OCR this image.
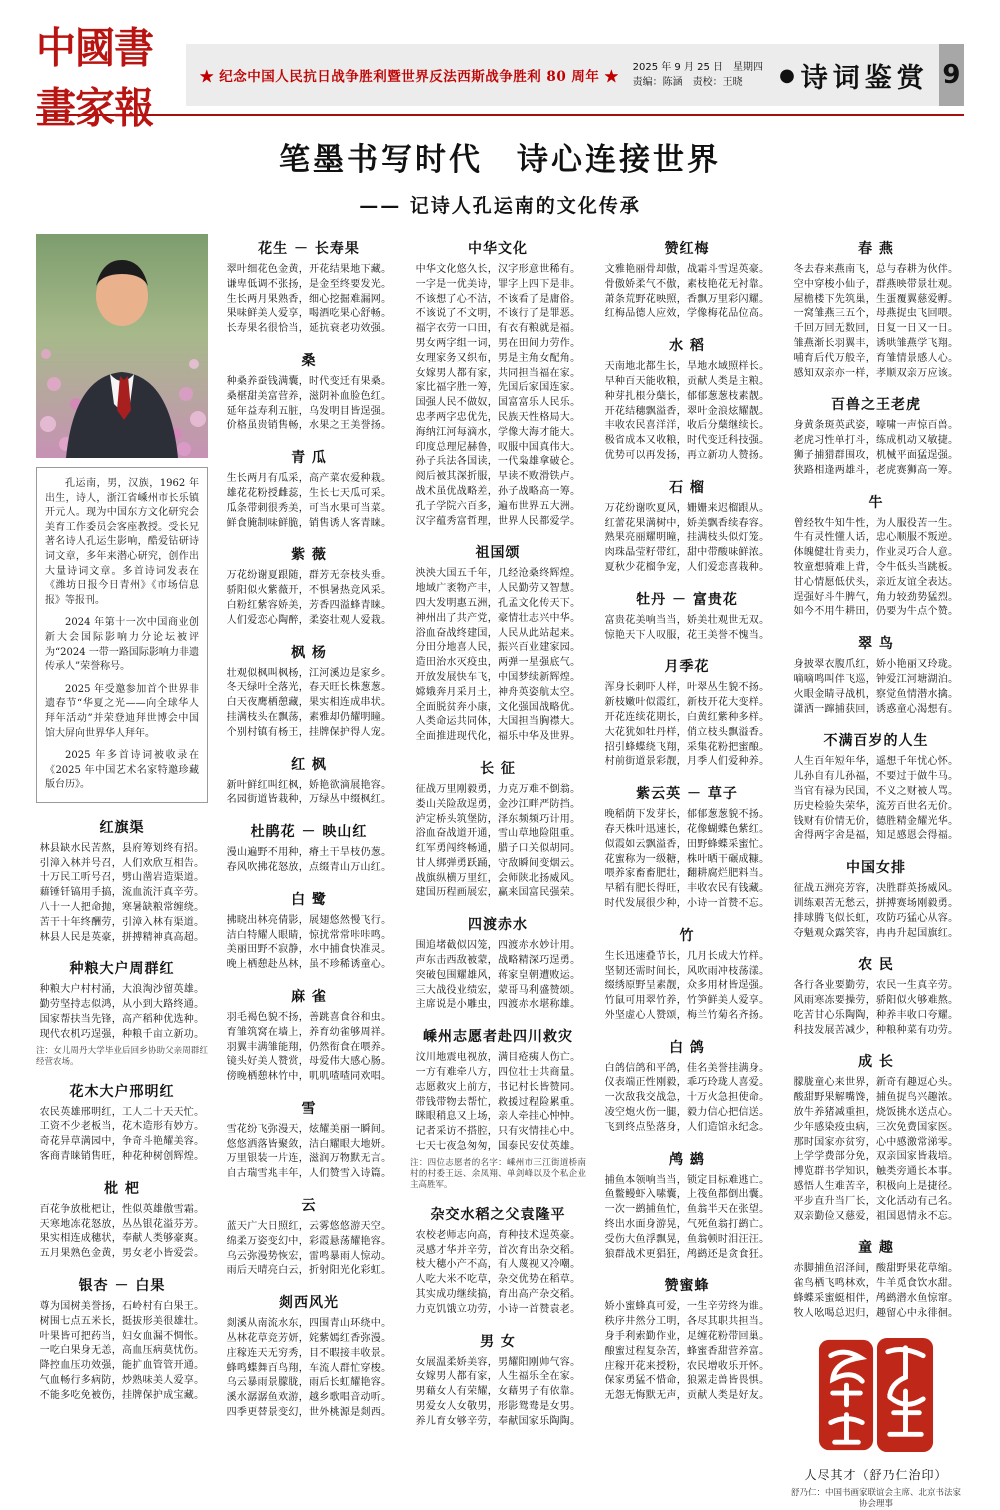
中國書畫家報
★ 纪念中国人民抗日战争胜利暨世界反法西斯战争胜利 80 周年 ★
2025 年 9 月 25 日　星期四
责编：陈涵　责校：王晓	● 诗词鉴赏 9
笔墨书写时代　诗心连接世界
—— 记诗人孔运南的文化传承

孔运南，男，汉族，1962 年出生，诗人，浙江省嵊州市长乐镇开元人。现为中国东方文化研究会美育工作委员会客座教授。受长兄著名诗人孔运生影响，酷爱钻研诗词文章，多年来潜心研究，创作出大量诗词文章。多首诗词发表在《潍坊日报今日青州》《市场信息报》等报刊。

2024 年第十一次中国商业创新大会国际影响力分论坛被评为“2024 一带一路国际影响力非遗传承人”荣誉称号。

2025 年受邀参加首个世界非遗春节“华夏之光——向全球华人拜年活动”并荣登迪拜世博会中国馆大屏向世界华人拜年。

2025 年多首诗词被收录在《2025 年中国艺术名家特邀珍藏版台历》。

红旗渠

林县缺水民苦熬，县府筹划终有招。

引漳入林并号召，人们欢欣互相告。

十万民工听号召，劈山凿岩造渠道。

藉锤钎镐用手搞，流血流汗真辛劳。

八十一人把命抛，寒暑缺粮常缠绕。

苦干十年终酬劳，引漳入林有渠道。

林县人民是英豪，拼搏精神真高超。

种粮大户周群红

种粮大户村村涌，大浪淘沙留英雄。

勤劳坚持志似鸿，从小到大路终通。

国家帮扶当先锋，高产稻种优选种。

现代农机巧逞强，种粮千亩立新功。

注：女儿周丹大学毕业后回乡协助父亲周群红经营农场。

花木大户邢明红

农民英雄邢明红，工人二十天天忙。

工资不少老板当，花木造形有妙方。

奇花异草满园中，争奇斗艳耀美容。

客商青睐销售旺，种花种树创辉煌。

枇 杷

百花争放枇杷让，性似英雄傲雪霜。

天寒地冻花怒放，丛丛银花溢芬芳。

果实相连成穗状，奉献人类够豪爽。

五月果熟色金黄，男女老小皆爱尝。

银杏 － 白果

尊为国树美誉扬，石岭村有白果王。

树围七点五米长，挺拔形美很雄壮。

叶果皆可把药当，妇女血漏不惆怅。

一吃白果身无恙，高血压病莫忧伤。

降控血压功效强，能扩血管管开通。

气血畅行多病防，炒熟味美人爱享。

不能多吃免被伤，挂牌保护成宝藏。

花生 － 长寿果

翠叶细花色金黄，开花结果地下藏。

谦卑低调不张扬，是金至终要发光。

生长两月果熟香，细心挖掘难漏网。

果味鲜美人爱享，喝酒吃果心舒畅。

长寿果名很恰当，延抗衰老功效强。

桑

种桑养蚕钱满囊，时代变迁有果桑。

桑椹甜美富营养，滋阴补血脸色红。

延年益寿利五脏，乌发明目皆逞强。

价格虽贵销售畅，水果之王美誉扬。

青 瓜

生长两月有瓜采，高产菜农爱种栽。

雄花花粉授雌蕊，生长七天瓜可采。

瓜条带刺很秀美，可当水果可当菜。

鲜食腌制味鲜脆，销售诱人客青睐。

紫 薇

万花纷谢夏跟随，群芳无奈枝头垂。

骄阳似火紫薇开，不惧暑热竞风采。

白粉红紫容娇美，芳香四溢蜂青睐。

人们爱恋心陶醉，柔姿壮观人爱栽。

枫 杨

壮观似枫叫枫杨，江河溪边是家乡。

冬天绿叶全落光，春天旺长株葱葱。

白天夜鹰栖憩藏，果实相连成串状。

挂满枝头在飘荡，素雅却仍耀明瞳。

个别村镇有杨王，挂牌保护得人宠。

红 枫

新叶鲜红叫红枫，娇艳欲滴展艳容。

名园街道皆栽种，万绿丛中缀枫红。

杜鹃花 － 映山红

漫山遍野不用种，瘠土干旱枝仍葱。

春风吹拂花怒放，点缀青山万山红。

白 鹭

拂晓出林亮倩影，展翅悠然慢飞行。

洁白特耀人眼睛，惊扰常常咔咔鸣。

美丽田野不寂静，水中捕食快准灵。

晚上栖憩赴丛林，虽不珍稀诱童心。

麻 雀

羽毛褐色貌不扬，善跳喜食谷和虫。

育雏筑窝在墙上，养育幼雀够周祥。

羽翼丰满雏能翔，仍然衔食在喂养。

镜头好美人赞赏，母爱伟大感心肠。

傍晚栖憩林竹中，叽叽喳喳同欢唱。

雪

雪花纷飞弥漫天，炫耀美丽一瞬间。

悠悠洒落皆聚敛，洁白耀眼大地妍。

万里银装一片连，滋润万物默无言。

自古瑞雪兆丰年，人们赞雪入诗篇。

云

蓝天广大日照红，云雾悠悠游天空。

绵柔万姿变幻中，彩霞悬荡耀艳容。

乌云弥漫势恢宏，雷鸣暴雨人惊动。

雨后天晴亮白云，折射阳光化彩虹。

剡西风光

剡溪从南流水东，四围青山环绕中。

丛林花草竞芳妍，姹紫嫣红香弥漫。

庄稼连天无穷秀，目不暇接丰收景。

蜂鸣蝶舞百鸟翔，车流人群忙穿梭。

乌云暴雨景朦胧，雨后长虹耀艳容。

溪水潺潺鱼欢游，越乡歌唱音动听。

四季更替景变幻，世外桃源是剡西。

中华文化

中华文化悠久长，汉字形意世稀有。

一字是一优美诗，罪字上四下是非。

不该想了心不洁，不该看了是庸俗。

不该说了不文明，不该行了是罪恶。

福字衣劳一口田，有衣有粮就是福。

男女两字组一词，男在田间力劳作。

女理家务又织布，男是主角女配角。

女嫁男人都有家，共同担当福在家。

家比福字胜一筹，先国后家国连家。

国强人民不做奴，国富富乐人民乐。

忠孝两字忠优先，民族天性格局大。

海纳江河每滴水，学像大海才能大。

印度总理尼赫鲁，叹服中国真伟大。

孙子兵法各国读，一代枭雄拿破仑。

阅后被其深折服，早读不败滑铁卢。

战术虽优战略差，孙子战略高一筹。

孔子学院六百多，遍布世界五大洲。

汉字蕴秀富哲理，世界人民都爱学。

祖国颂

泱泱大国五千年，几经沧桑终辉煌。

地域广袤物产丰，人民勤劳又智慧。

四大发明惠五洲，孔孟文化传天下。

神州出了共产党，豪情壮志兴中华。

浴血奋战终建国，人民从此站起来。

分田分地喜人民，振兴百业建家园。

造田治水灭疫虫，两弹一星强底气。

开放发展快车飞，中国梦续新辉煌。

嫦娥奔月采月土，神舟英姿航太空。

全面脱贫奔小康，文化强国战略优。

人类命运共同体，大国担当胸襟大。

全面推进现代化，福乐中华及世界。

长 征

征战万里刚毅勇，力克万难不倒翁。

娄山关险敌逞勇，金沙江畔严防挡。

泸定桥头筑堡防，泽东频频巧计用。

浴血奋战道开通，雪山草地险阻重。

红军勇闯终畅通，腊子口关似胡同。

甘人绑弹勇跃踊，守敌瞬间变烟云。

战旗纵横万里红，会师陕北扬威风。

建国历程画展宏，赢来国富民强荣。

四渡赤水

围追堵截似囚笼，四渡赤水妙计用。

声东击西敌被蒙，战略精深巧逞勇。

突破包围耀雄风，蒋家皇朝遭败运。

三大战役业绩宏，蒙哥马利盛赞颂。

主席说是小雕虫，四渡赤水堪称雄。

嵊州志愿者赴四川救灾

汶川地震电视放，满目疮痍人伤亡。

一方有难牵八方，四位壮士共商量。

志愿救灾上前方，书记村长皆赞同。

带钱带物去帮忙，救援过程险累重。

眯眼稍息又上场，亲人牵挂心忡忡。

记者采访不搭腔，只有灾情挂心中。

七天七夜急匆匆，国泰民安仗英雄。

注：四位志愿者的名字：嵊州市三江街道桥南村的村委王远、余凤翔、单剑峰以及个私企业主高胜军。

杂交水稻之父袁隆平

农校老师志向高，育种技术逞英豪。

灵感才华并辛劳，首次育出杂交稻。

枝大穗小产不高，有人蔑视又冷嘲。

人吃大米不吃草，杂交优势在稻草。

其实成功继续搞，育出高产杂交稻。

力克饥饿立功劳，小诗一首赞袁老。

男 女

女展温柔娇美容，男耀阳刚帅气容。

女嫁男人都有家，人生福乐全在家。

男藉女人有荣耀，女藉男子有依靠。

男爱女人女敬男，形影鸳鸯是女男。

养儿育女够辛劳，奉献国家乐陶陶。

赞红梅

文雅艳丽骨却傲，战霜斗雪逞英豪。

骨傲娇柔气不傲，素枝艳花无衬靠。

萧条荒野花映照，香飘万里彩闪耀。

红梅品德人应效，学像梅花品位高。

水 稻

天南地北都生长，旱地水域照样长。

早种百天能收粮，贡献人类是主粮。

种芽扎根分蘖长，郁郁葱葱枝素靓。

开花结穗飘溢香，翠叶金浪炫耀靓。

丰收农民喜洋洋，收后分蘖继续长。

极省成本又收粮，时代变迁科技强。

优势可以再发扬，再立新功人赞扬。

石 榴

万花纷谢吹夏风，姗姗来迟榴跟从。

红蕾花果满树中，娇美飘香续春容。

熟果亮丽耀明瞳，挂满枝头似灯笼。

肉珠晶莹籽带红，甜中带酸味鲜浓。

夏秋少花榴争宠，人们爱恋喜栽种。

牡丹 － 富贵花

富贵花美响当当，娇美壮观世无双。

惊艳天下人叹服，花王美誉不愧当。

月季花

浑身长刺吓人样，叶翠丛生貌不扬。

新枝嫩叶似霞红，新枝开花大变样。

开花连续花期长，白黄红紫种多样。

大花犹如牡丹样，俏立枝头飘溢香。

招引蜂蝶绕飞翔，采集花粉把蜜酿。

村前街道景彩靓，月季人们爱种养。

紫云英 － 草子

晚稻荫下发芽长，郁郁葱葱貌不扬。

春天株叶迅速长，花像蝴蝶色紫红。

似霞如云飘溢香，田野蜂蝶采蜜忙。

花蜜称为一级糖，株叶晒干碾成糠。

喂养家畜畜肥壮，翻耕腐烂肥料当。

早稻有肥长得旺，丰收农民有钱藏。

时代发展很少种，小诗一首赞不忘。

竹

生长迅速叠节长，几月长成大竹样。

坚韧还需时间长，风吹雨冲枝荡漾。

缀绣原野呈素靓，众多用材皆逞强。

竹鼠可用翠竹养，竹笋鲜美人爱享。

外坚虚心人赞颂，梅兰竹菊名齐扬。

白 鸽

白鸽信鸽和平鸽，佳名美誉挂满身。

仪表端正性刚毅，乖巧玲珑人喜爱。

一次敌我交战急，十万火急担使命。

凌空炮火伤一腿，毅力信心把信送。

飞到终点坠落身，人们造馆永纪念。

鸬 鹚

捕鱼本领响当当，锁定目标难逃亡。

鱼鳖鳗虾入嗉囊，上筏鱼都倒出囊。

一次一鹚捕鱼忙，鱼翁半天在张望。

终出水面身游晃，气死鱼翁打鹚亡。

受伤大鱼浮飘晃，鱼翁顿时泪汪汪。

狼群战术更猖狂，鸬鹚还是贪食狂。

赞蜜蜂

娇小蜜蜂真可爱，一生辛劳终为谁。

秩序井然分工明，各尽其职共担当。

身手利索勤作业，足缠花粉带回巢。

酿蜜过程复杂苦，蜂蜜香甜营养富。

庄稼开花来授粉，农民增收乐开怀。

保家勇猛不惜命，狼罴走兽皆畏惧。

无怨无悔默无声，贡献人类是好友。

春 燕

冬去春来燕南飞，总与春耕为伙伴。

空中穿梭小仙子，群燕映带景壮观。

屋檐楼下先筑巢，生蛋覆翼慈爱孵。

一窝雏燕三五个，母燕捉虫飞回喂。

千回万回无数回，日复一日又一日。

雏燕渐长羽翼丰，诱哄雏燕学飞翔。

哺育后代万般辛，育雏情景感人心。

感知双亲亦一样，孝顺双亲万应该。

百兽之王老虎

身黄条斑英武姿，嚎啸一声惊百兽。

老虎习性单打斗，练成机动又敏捷。

狮子捕猎群围攻，机械平面猛逞强。

狭路相逢两雄斗，老虎赛狮高一筹。

牛

曾经牧牛知牛性，为人服役苦一生。

牛有灵性懂人话，忠心顺服不叛逆。

体魄健壮肯卖力，作业灵巧合人意。

牧童想骑难上背，令牛低头当跳板。

甘心情愿低伏头，亲近友谊全表达。

逞强好斗牛脾气，角力较劲势猛烈。

如今不用牛耕田，仍要为牛点个赞。

翠 鸟

身披翠衣腹爪红，娇小艳丽又玲珑。

嘀嘀鸣叫伴飞巡，钟爱江河塘湖泊。

火眼金睛寻战机，察觉鱼情潜水擒。

潇洒一蹿捕获回，诱惑童心渴想有。

不满百岁的人生

人生百年短年华，遥想千年忧心怀。

儿孙自有儿孙福，不要过于做牛马。

当官有禄为民国，不义之财被人骂。

历史检验失荣华，流芳百世名无价。

钱财有价情无价，德胜精金耀光华。

舍得两字舍是福，知足感恩会得福。

中国女排

征战五洲亮芳容，决胜群英扬威风。

训练艰苦无愁云，拼搏赛场刚毅勇。

排球腾飞似长虹，攻防巧猛心从容。

夺魁观众露笑容，冉冉升起国旗红。

农 民

各行各业要勤劳，农民一生真辛劳。

风雨寒冻要操劳，骄阳似火够难熬。

吃苦甘心乐陶陶，种养丰收口夸耀。

科技发展苦减少，种粮种菜有功劳。

成 长

朦胧童心来世界，新奇有趣逗心头。

酸甜野果解嘴馋，捕鱼捉鸟兴趣浓。

放牛养猪减重担，烧饭挑水送点心。

少年感染疫虫病，三次免费国家医。

那时国家亦贫穷，心中感激常涕零。

上学学费部分免，双亲国家皆栽培。

博览群书学知识，触类旁通长本事。

感悟人生难苦辛，积极向上是捷径。

平步直升当厂长，文化活动有己名。

双亲勤俭又慈爱，祖国恩情永不忘。

童 趣

赤脚捕鱼沼泽间，酸甜野果花草缩。

雀鸟栖飞鸣林欢，牛羊觅食饮水甜。

蜂蝶采蜜蜓相伴，鸬鹚潜水鱼惊窜。

牧人吆喝总迟归，趣留心中永徘徊。

人尽其才（舒乃仁治印）
舒乃仁：中国书画家联谊会主席、北京书法家协会理事
